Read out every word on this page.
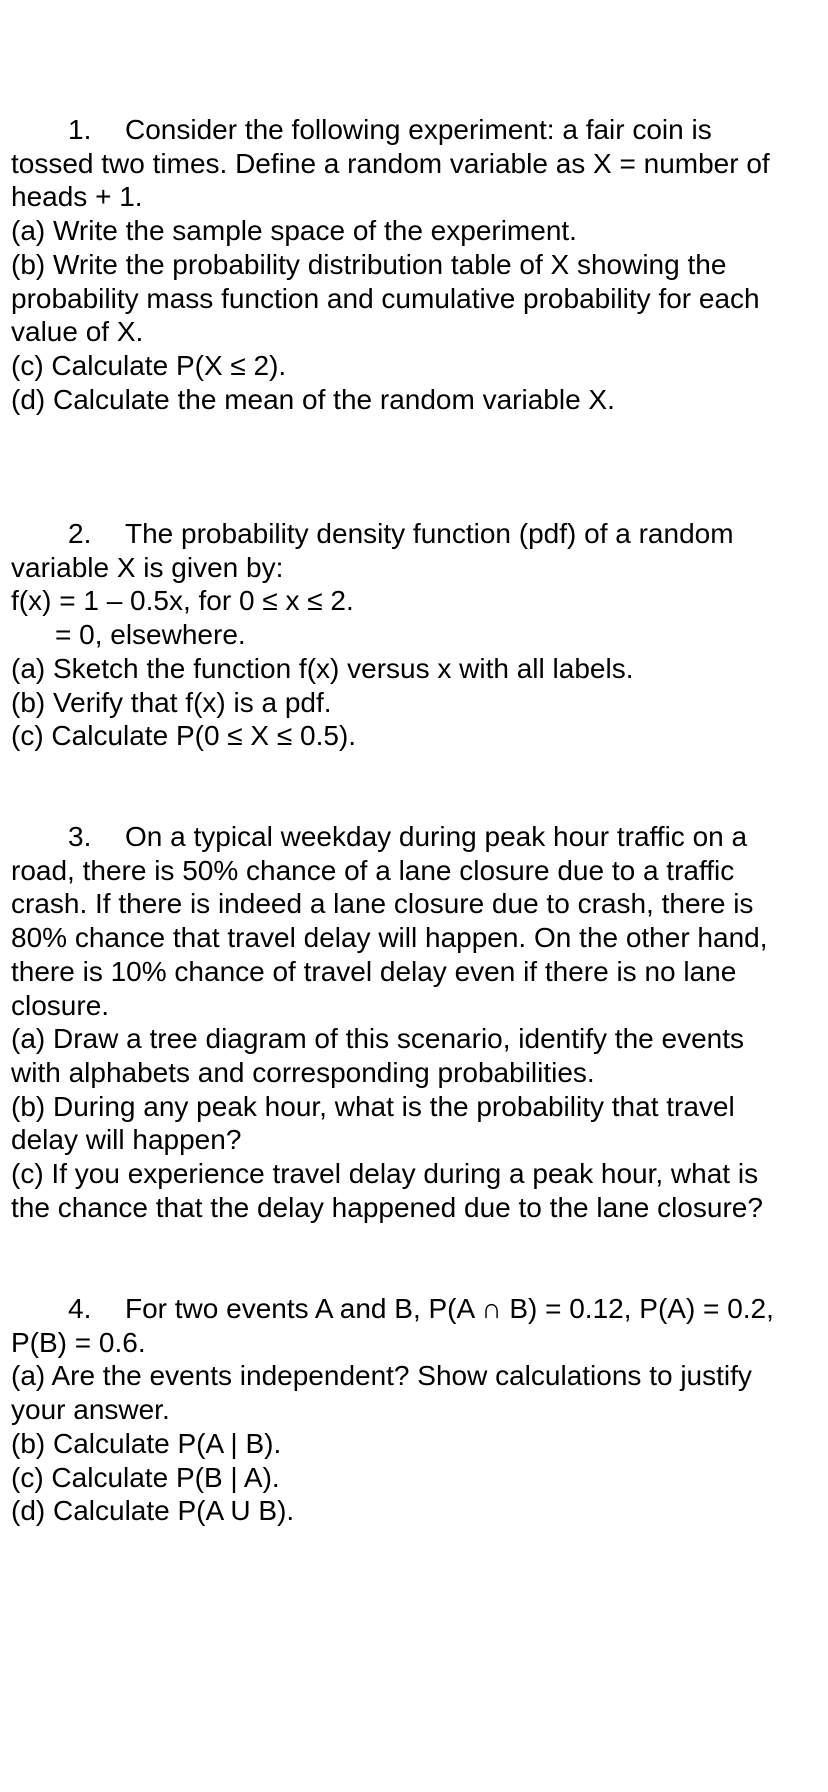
1. Consider the following experiment: a fair coin is
tossed two times. Define a random variable as X = number of
heads + 1.
(a) Write the sample space of the experiment.
(b) Write the probability distribution table of X showing the
probability mass function and cumulative probability for each
value of X.
(c) Calculate P(X ≤ 2).
(d) Calculate the mean of the random variable X.
2. The probability density function (pdf) of a random
variable X is given by:
f(x) = 1 – 0.5x, for 0 ≤ x ≤ 2.
= 0, elsewhere.
(a) Sketch the function f(x) versus x with all labels.
(b) Verify that f(x) is a pdf.
(c) Calculate P(0 ≤ X ≤ 0.5).
3. On a typical weekday during peak hour traffic on a
road, there is 50% chance of a lane closure due to a traffic
crash. If there is indeed a lane closure due to crash, there is
80% chance that travel delay will happen. On the other hand,
there is 10% chance of travel delay even if there is no lane
closure.
(a) Draw a tree diagram of this scenario, identify the events
with alphabets and corresponding probabilities.
(b) During any peak hour, what is the probability that travel
delay will happen?
(c) If you experience travel delay during a peak hour, what is
the chance that the delay happened due to the lane closure?
4. For two events A and B, P(A ∩ B) = 0.12, P(A) = 0.2,
P(B) = 0.6.
(a) Are the events independent? Show calculations to justify
your answer.
(b) Calculate P(A | B).
(c) Calculate P(B | A).
(d) Calculate P(A U B).
